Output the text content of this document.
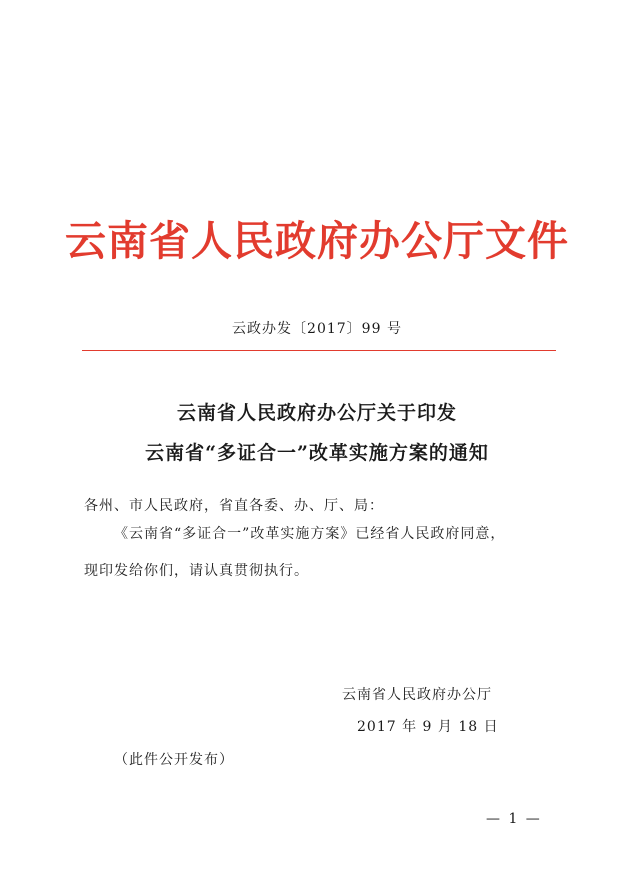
云南省人民政府办公厅文件
云政办发〔2017〕99 号
云南省人民政府办公厅关于印发
云南省“多证合一”改革实施方案的通知
各州、市人民政府，省直各委、办、厅、局：
《云南省“多证合一”改革实施方案》已经省人民政府同意，
现印发给你们，请认真贯彻执行。
云南省人民政府办公厅
2017 年 9 月 18 日
（此件公开发布）
— 1 —
